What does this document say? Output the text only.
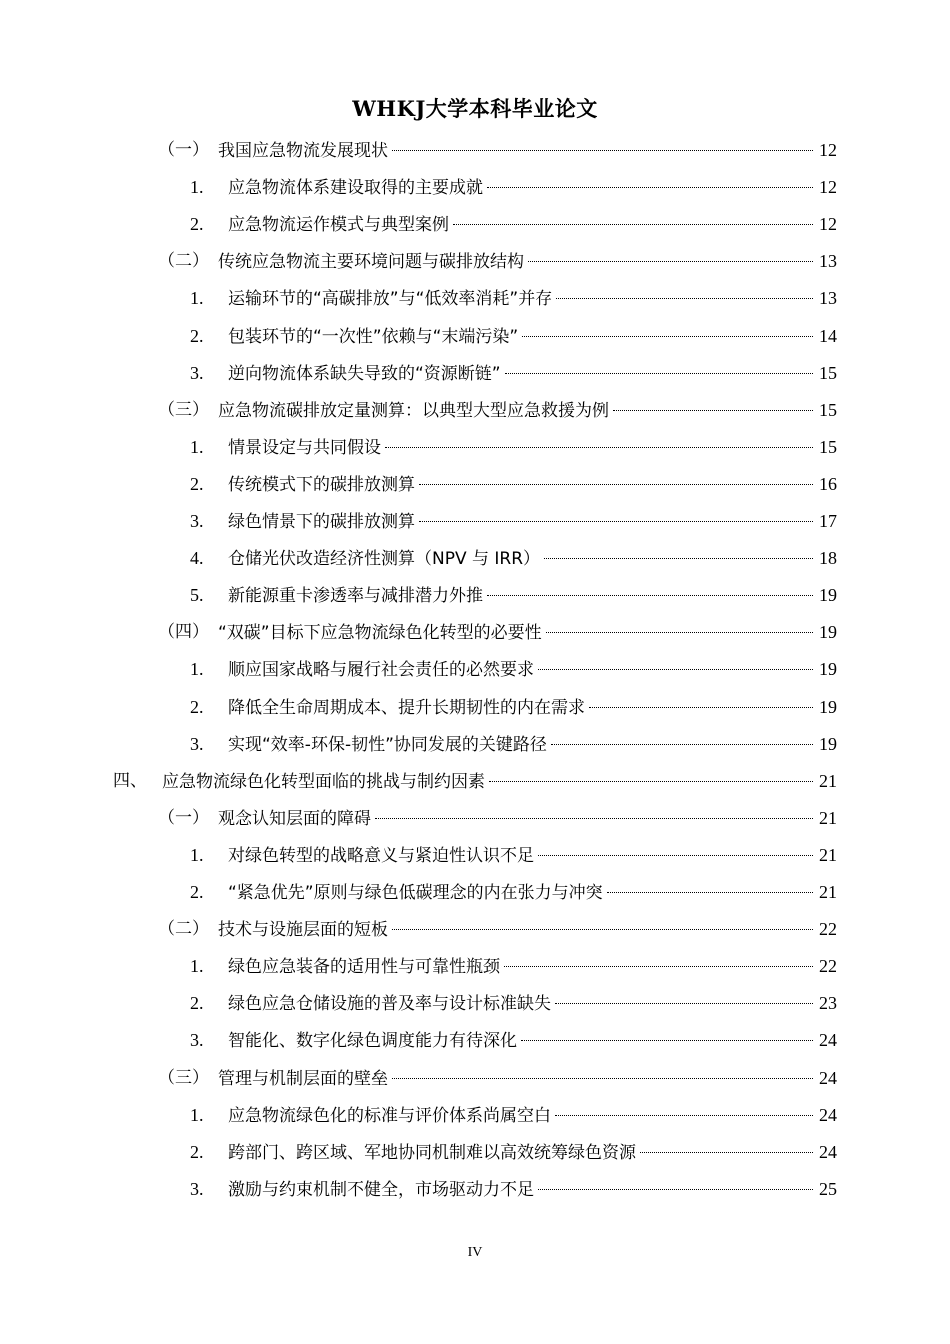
WHKJ大学本科毕业论文
（一） 我国应急物流发展现状	12
1. 应急物流体系建设取得的主要成就	12
2. 应急物流运作模式与典型案例	12
（二） 传统应急物流主要环境问题与碳排放结构	13
1. 运输环节的“高碳排放”与“低效率消耗”并存	13
2. 包装环节的“一次性”依赖与“末端污染”	14
3. 逆向物流体系缺失导致的“资源断链”	15
（三） 应急物流碳排放定量测算：以典型大型应急救援为例	15
1. 情景设定与共同假设	15
2. 传统模式下的碳排放测算	16
3. 绿色情景下的碳排放测算	17
4. 仓储光伏改造经济性测算（NPV 与 IRR）	18
5. 新能源重卡渗透率与减排潜力外推	19
（四） “双碳”目标下应急物流绿色化转型的必要性	19
1. 顺应国家战略与履行社会责任的必然要求	19
2. 降低全生命周期成本、提升长期韧性的内在需求	19
3. 实现“效率-环保-韧性”协同发展的关键路径	19
四、 应急物流绿色化转型面临的挑战与制约因素	21
（一） 观念认知层面的障碍	21
1. 对绿色转型的战略意义与紧迫性认识不足	21
2. “紧急优先”原则与绿色低碳理念的内在张力与冲突	21
（二） 技术与设施层面的短板	22
1. 绿色应急装备的适用性与可靠性瓶颈	22
2. 绿色应急仓储设施的普及率与设计标准缺失	23
3. 智能化、数字化绿色调度能力有待深化	24
（三） 管理与机制层面的壁垒	24
1. 应急物流绿色化的标准与评价体系尚属空白	24
2. 跨部门、跨区域、军地协同机制难以高效统筹绿色资源	24
3. 激励与约束机制不健全，市场驱动力不足	25
IV
